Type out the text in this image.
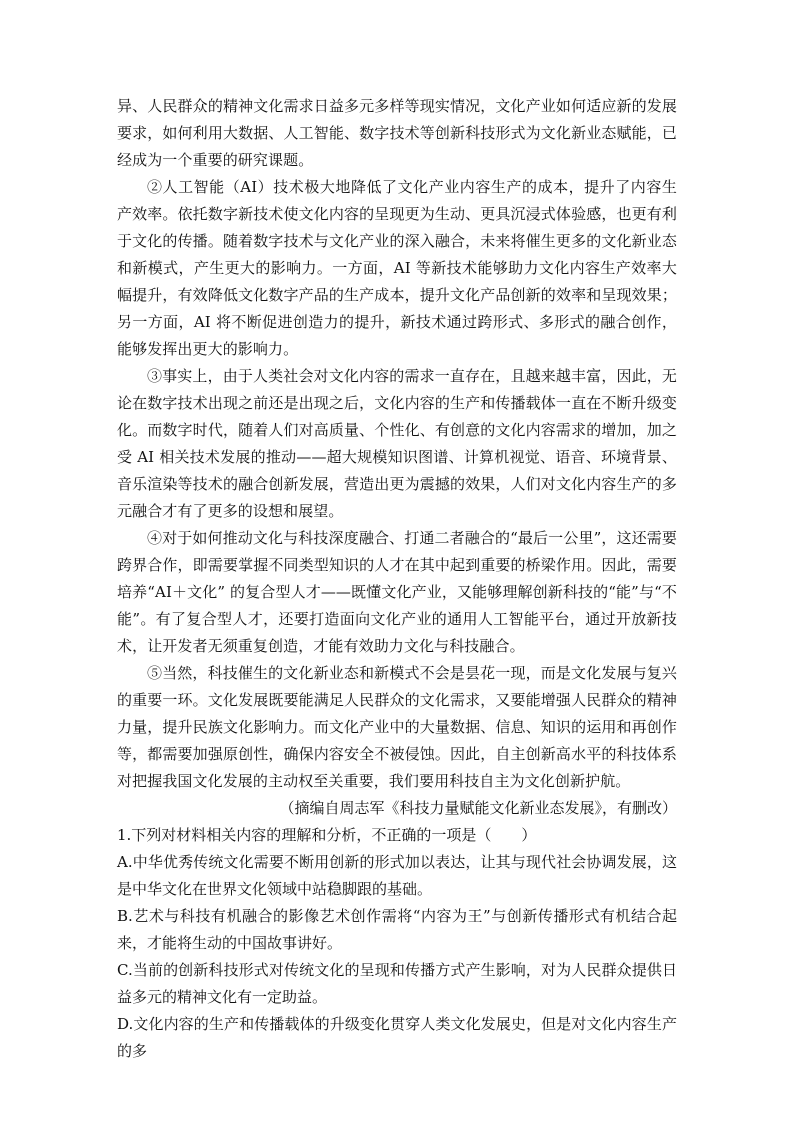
异、人民群众的精神文化需求日益多元多样等现实情况，文化产业如何适应新的发展要求，如何利用大数据、人工智能、数字技术等创新科技形式为文化新业态赋能，已经成为一个重要的研究课题。

②人工智能（AI）技术极大地降低了文化产业内容生产的成本，提升了内容生产效率。依托数字新技术使文化内容的呈现更为生动、更具沉浸式体验感，也更有利于文化的传播。随着数字技术与文化产业的深入融合，未来将催生更多的文化新业态和新模式，产生更大的影响力。一方面，AI 等新技术能够助力文化内容生产效率大幅提升，有效降低文化数字产品的生产成本，提升文化产品创新的效率和呈现效果；另一方面，AI 将不断促进创造力的提升，新技术通过跨形式、多形式的融合创作，能够发挥出更大的影响力。

③事实上，由于人类社会对文化内容的需求一直存在，且越来越丰富，因此，无论在数字技术出现之前还是出现之后，文化内容的生产和传播载体一直在不断升级变化。而数字时代，随着人们对高质量、个性化、有创意的文化内容需求的增加，加之受 AI 相关技术发展的推动——超大规模知识图谱、计算机视觉、语音、环境背景、音乐渲染等技术的融合创新发展，营造出更为震撼的效果，人们对文化内容生产的多元融合才有了更多的设想和展望。

④对于如何推动文化与科技深度融合、打通二者融合的“最后一公里”，这还需要跨界合作，即需要掌握不同类型知识的人才在其中起到重要的桥梁作用。因此，需要培养“AI＋文化” 的复合型人才——既懂文化产业，又能够理解创新科技的“能”与“不能”。有了复合型人才，还要打造面向文化产业的通用人工智能平台，通过开放新技术，让开发者无须重复创造，才能有效助力文化与科技融合。

⑤当然，科技催生的文化新业态和新模式不会是昙花一现，而是文化发展与复兴的重要一环。文化发展既要能满足人民群众的文化需求，又要能增强人民群众的精神力量，提升民族文化影响力。而文化产业中的大量数据、信息、知识的运用和再创作等，都需要加强原创性，确保内容安全不被侵蚀。因此，自主创新高水平的科技体系对把握我国文化发展的主动权至关重要，我们要用科技自主为文化创新护航。

（摘编自周志军《科技力量赋能文化新业态发展》，有删改）

1.下列对材料相关内容的理解和分析，不正确的一项是（　　）

A.中华优秀传统文化需要不断用创新的形式加以表达，让其与现代社会协调发展，这是中华文化在世界文化领域中站稳脚跟的基础。

B.艺术与科技有机融合的影像艺术创作需将“内容为王”与创新传播形式有机结合起来，才能将生动的中国故事讲好。

C.当前的创新科技形式对传统文化的呈现和传播方式产生影响，对为人民群众提供日益多元的精神文化有一定助益。

D.文化内容的生产和传播载体的升级变化贯穿人类文化发展史，但是对文化内容生产的多
